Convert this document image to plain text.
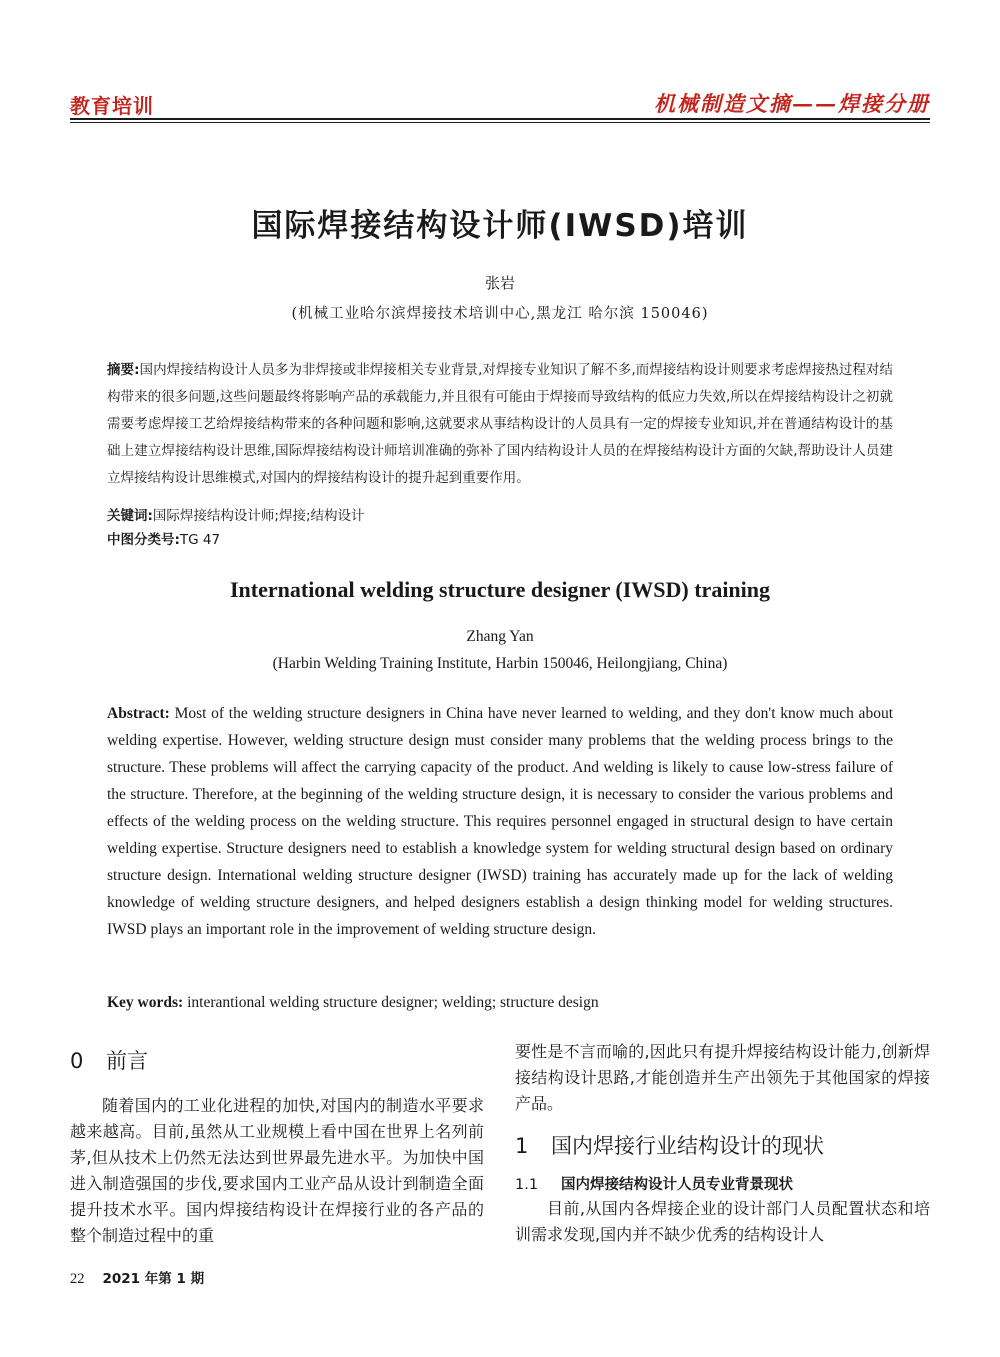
教育培训	机械制造文摘——焊接分册
国际焊接结构设计师(IWSD)培训
张岩
(机械工业哈尔滨焊接技术培训中心,黑龙江 哈尔滨 150046)
摘要:国内焊接结构设计人员多为非焊接或非焊接相关专业背景,对焊接专业知识了解不多,而焊接结构设计则要求考虑焊接热过程对结构带来的很多问题,这些问题最终将影响产品的承载能力,并且很有可能由于焊接而导致结构的低应力失效,所以在焊接结构设计之初就需要考虑焊接工艺给焊接结构带来的各种问题和影响,这就要求从事结构设计的人员具有一定的焊接专业知识,并在普通结构设计的基础上建立焊接结构设计思维,国际焊接结构设计师培训准确的弥补了国内结构设计人员的在焊接结构设计方面的欠缺,帮助设计人员建立焊接结构设计思维模式,对国内的焊接结构设计的提升起到重要作用。
关键词:国际焊接结构设计师;焊接;结构设计
中图分类号:TG 47
International welding structure designer (IWSD) training
Zhang Yan
(Harbin Welding Training Institute, Harbin 150046, Heilongjiang, China)
Abstract: Most of the welding structure designers in China have never learned to welding, and they don't know much about welding expertise. However, welding structure design must consider many problems that the welding process brings to the structure. These problems will affect the carrying capacity of the product. And welding is likely to cause low-stress failure of the structure. Therefore, at the beginning of the welding structure design, it is necessary to consider the various problems and effects of the welding process on the welding structure. This requires personnel engaged in structural design to have certain welding expertise. Structure designers need to establish a knowledge system for welding structural design based on ordinary structure design. International welding structure designer (IWSD) training has accurately made up for the lack of welding knowledge of welding structure designers, and helped designers establish a design thinking model for welding structures. IWSD plays an important role in the improvement of welding structure design.
Key words: interantional welding structure designer; welding; structure design
0 前言

随着国内的工业化进程的加快,对国内的制造水平要求越来越高。目前,虽然从工业规模上看中国在世界上名列前茅,但从技术上仍然无法达到世界最先进水平。为加快中国进入制造强国的步伐,要求国内工业产品从设计到制造全面提升技术水平。国内焊接结构设计在焊接行业的各产品的整个制造过程中的重

要性是不言而喻的,因此只有提升焊接结构设计能力,创新焊接结构设计思路,才能创造并生产出领先于其他国家的焊接产品。

1 国内焊接行业结构设计的现状
1.1 国内焊接结构设计人员专业背景现状

目前,从国内各焊接企业的设计部门人员配置状态和培训需求发现,国内并不缺少优秀的结构设计人

22 2021 年第 1 期
